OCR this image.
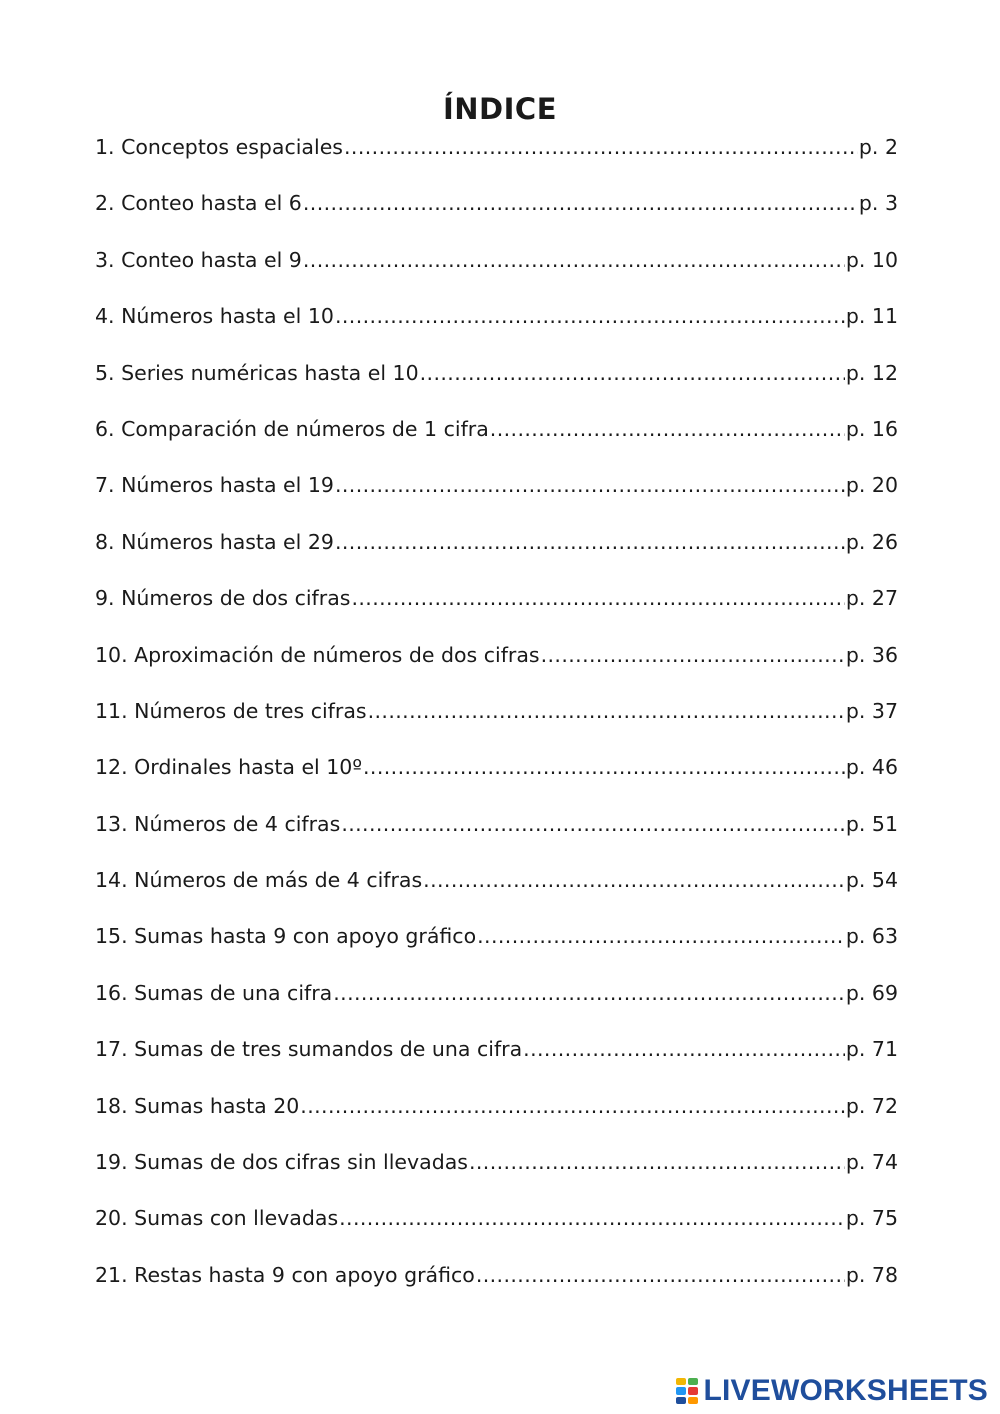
ÍNDICE
1. Conceptos espaciales .....	p. 2
2. Conteo hasta el 6 .....	p. 3
3. Conteo hasta el 9 .....	p. 10
4. Números hasta el 10 .....	p. 11
5. Series numéricas hasta el 10 .....	p. 12
6. Comparación de números de 1 cifra .....	p. 16
7. Números hasta el 19 .....	p. 20
8. Números hasta el 29 .....	p. 26
9. Números de dos cifras .....	p. 27
10. Aproximación de números de dos cifras .....	p. 36
11. Números de tres cifras .....	p. 37
12. Ordinales hasta el 10º .....	p. 46
13. Números de 4 cifras .....	p. 51
14. Números de más de 4 cifras .....	p. 54
15. Sumas hasta 9 con apoyo gráfico .....	p. 63
16. Sumas de una cifra .....	p. 69
17. Sumas de tres sumandos de una cifra .....	p. 71
18. Sumas hasta 20 .....	p. 72
19. Sumas de dos cifras sin llevadas .....	p. 74
20. Sumas con llevadas .....	p. 75
21. Restas hasta 9 con apoyo gráfico .....	p. 78
LIVEWORKSHEETS
